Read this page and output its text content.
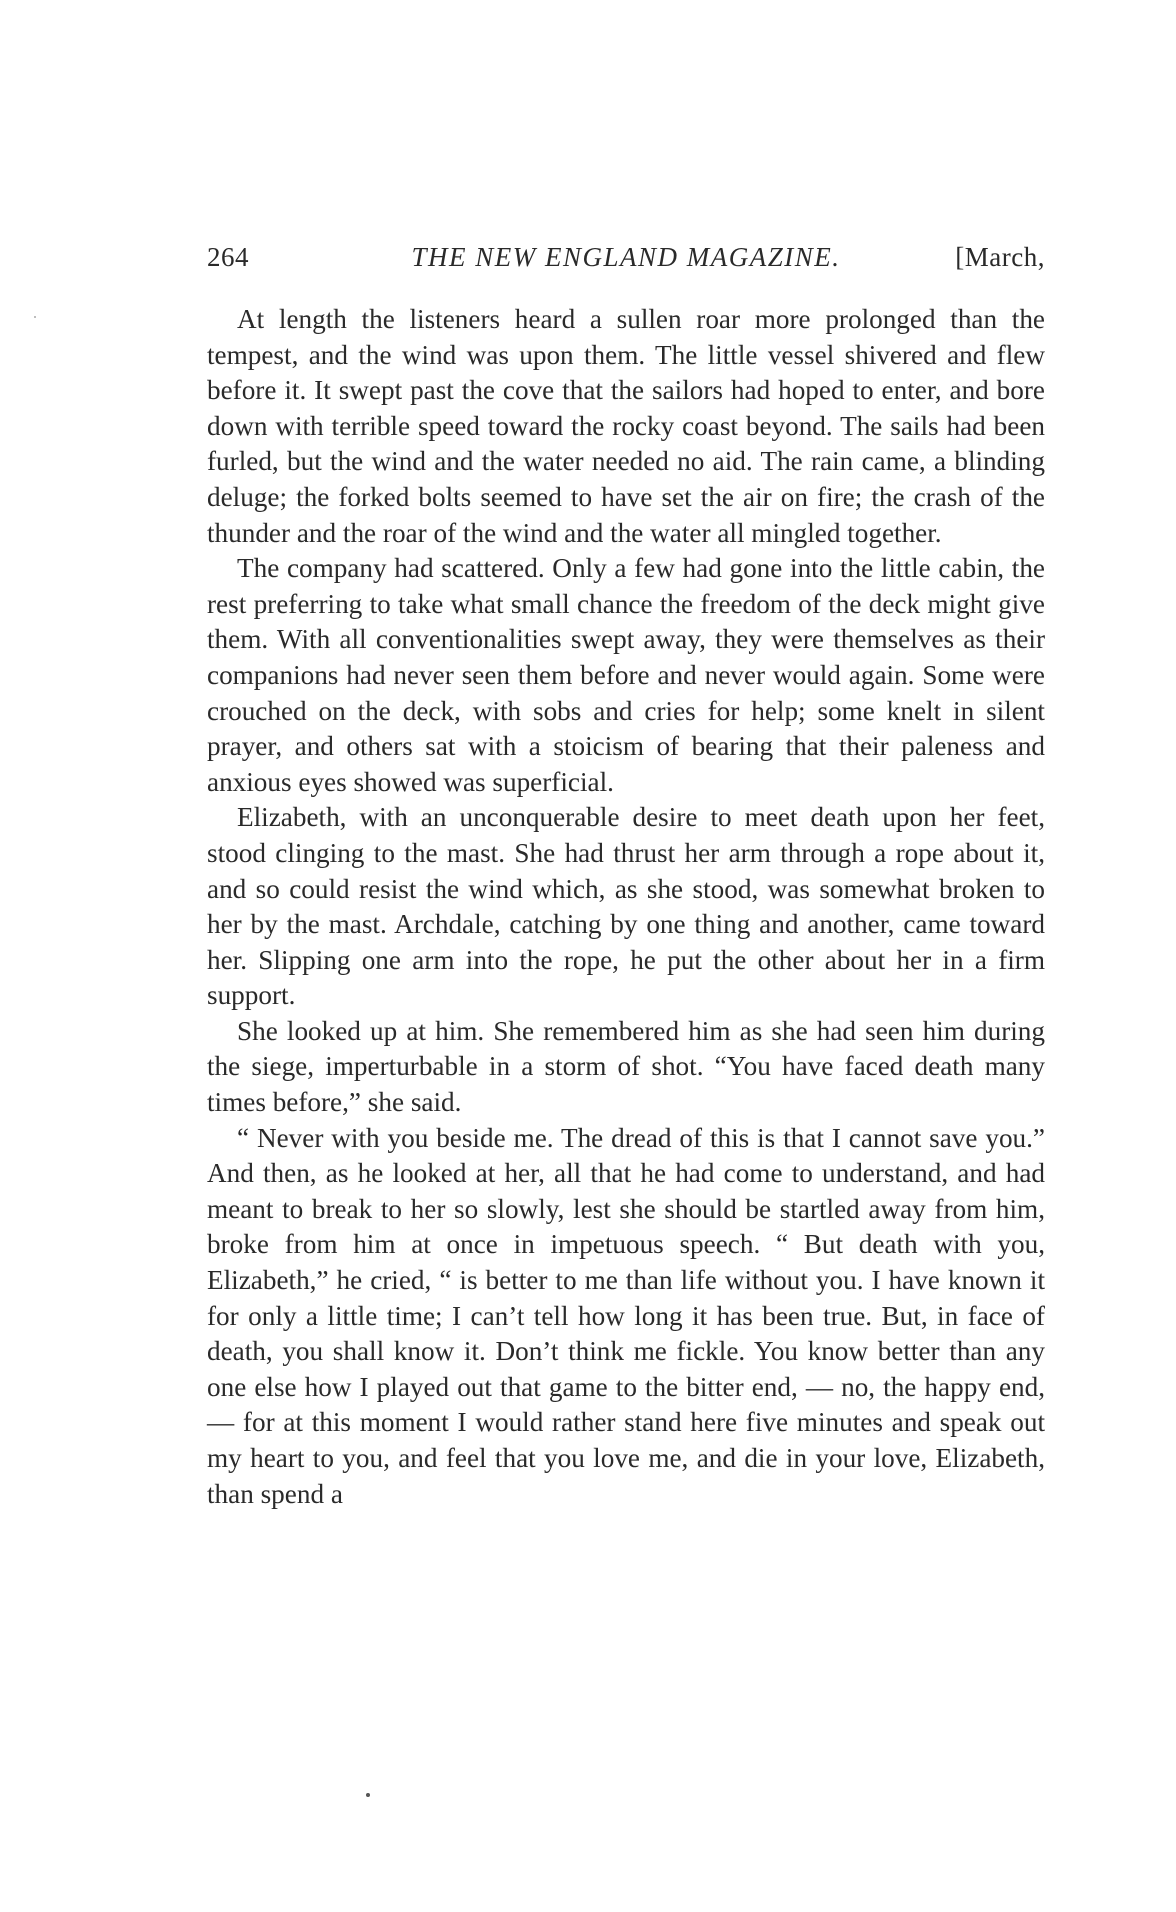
264	THE NEW ENGLAND MAGAZINE.	[March,

At length the listeners heard a sullen roar more prolonged than the tempest, and the wind was upon them. The little vessel shivered and flew before it. It swept past the cove that the sailors had hoped to enter, and bore down with terrible speed toward the rocky coast beyond. The sails had been furled, but the wind and the water needed no aid. The rain came, a blinding deluge; the forked bolts seemed to have set the air on fire; the crash of the thunder and the roar of the wind and the water all mingled together.

The company had scattered. Only a few had gone into the little cabin, the rest preferring to take what small chance the freedom of the deck might give them. With all conventionalities swept away, they were themselves as their companions had never seen them before and never would again. Some were crouched on the deck, with sobs and cries for help; some knelt in silent prayer, and others sat with a stoicism of bearing that their paleness and anxious eyes showed was superficial.

Elizabeth, with an unconquerable desire to meet death upon her feet, stood clinging to the mast. She had thrust her arm through a rope about it, and so could resist the wind which, as she stood, was somewhat broken to her by the mast. Archdale, catching by one thing and another, came toward her. Slipping one arm into the rope, he put the other about her in a firm support.

She looked up at him. She remembered him as she had seen him during the siege, imperturbable in a storm of shot. “You have faced death many times before,” she said.

“ Never with you beside me. The dread of this is that I cannot save you.” And then, as he looked at her, all that he had come to understand, and had meant to break to her so slowly, lest she should be startled away from him, broke from him at once in impetuous speech. “ But death with you, Elizabeth,” he cried, “ is better to me than life without you. I have known it for only a little time; I can’t tell how long it has been true. But, in face of death, you shall know it. Don’t think me fickle. You know better than any one else how I played out that game to the bitter end, — no, the happy end, — for at this moment I would rather stand here five minutes and speak out my heart to you, and feel that you love me, and die in your love, Elizabeth, than spend a
